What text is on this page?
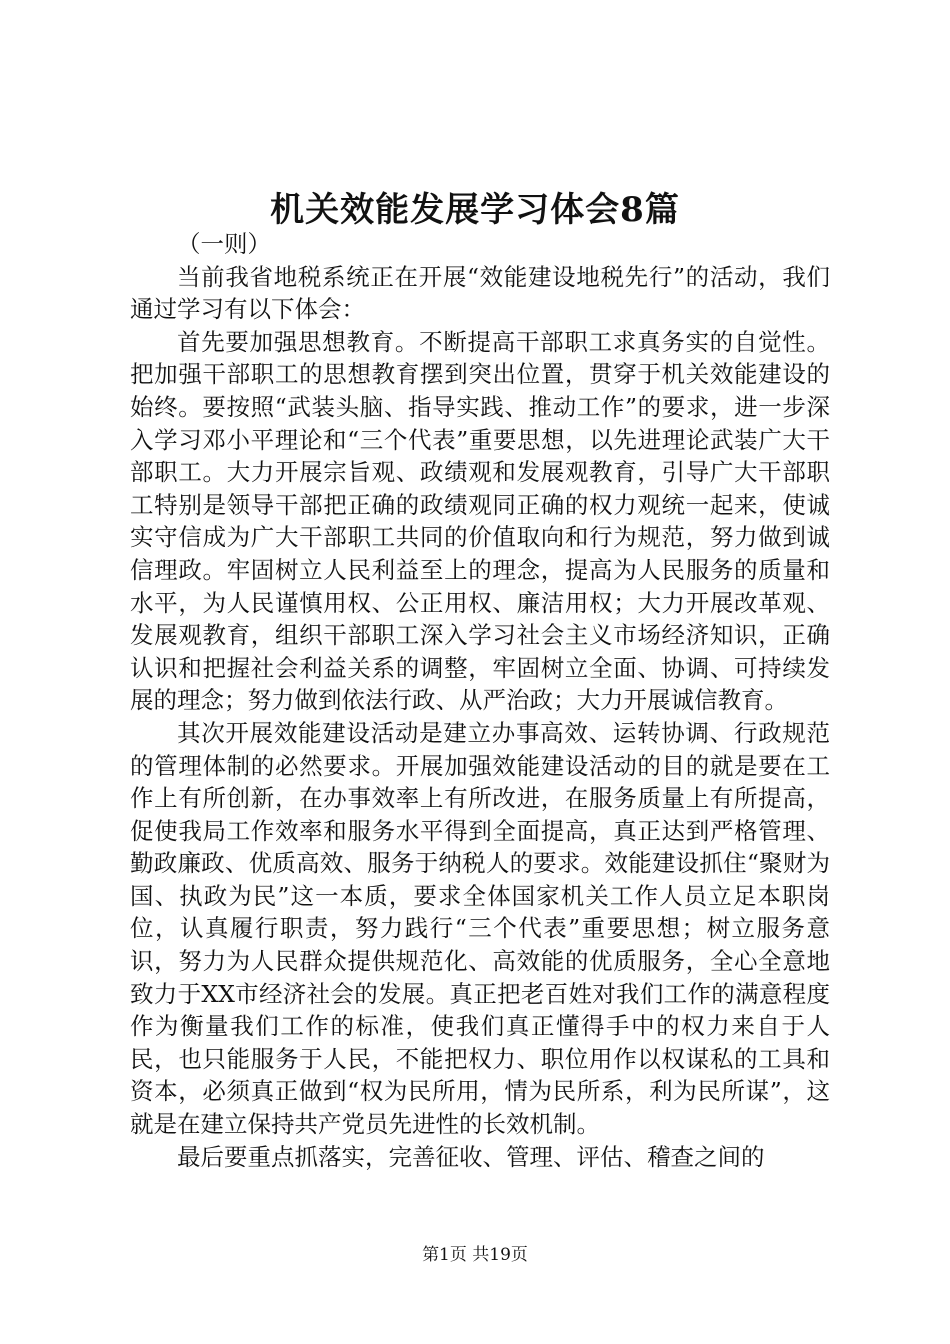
机关效能发展学习体会8篇

（一则）

当前我省地税系统正在开展“效能建设地税先行”的活动，我们通过学习有以下体会：

首先要加强思想教育。不断提高干部职工求真务实的自觉性。把加强干部职工的思想教育摆到突出位置，贯穿于机关效能建设的始终。要按照“武装头脑、指导实践、推动工作”的要求，进一步深入学习邓小平理论和“三个代表”重要思想，以先进理论武装广大干部职工。大力开展宗旨观、政绩观和发展观教育，引导广大干部职工特别是领导干部把正确的政绩观同正确的权力观统一起来，使诚实守信成为广大干部职工共同的价值取向和行为规范，努力做到诚信理政。牢固树立人民利益至上的理念，提高为人民服务的质量和水平，为人民谨慎用权、公正用权、廉洁用权；大力开展改革观、发展观教育，组织干部职工深入学习社会主义市场经济知识，正确认识和把握社会利益关系的调整，牢固树立全面、协调、可持续发展的理念；努力做到依法行政、从严治政；大力开展诚信教育。

其次开展效能建设活动是建立办事高效、运转协调、行政规范的管理体制的必然要求。开展加强效能建设活动的目的就是要在工作上有所创新，在办事效率上有所改进，在服务质量上有所提高，促使我局工作效率和服务水平得到全面提高，真正达到严格管理、勤政廉政、优质高效、服务于纳税人的要求。效能建设抓住“聚财为国、执政为民”这一本质，要求全体国家机关工作人员立足本职岗位，认真履行职责，努力践行“三个代表”重要思想；树立服务意识，努力为人民群众提供规范化、高效能的优质服务，全心全意地致力于XX市经济社会的发展。真正把老百姓对我们工作的满意程度作为衡量我们工作的标准，使我们真正懂得手中的权力来自于人民，也只能服务于人民，不能把权力、职位用作以权谋私的工具和资本，必须真正做到“权为民所用，情为民所系，利为民所谋”，这就是在建立保持共产党员先进性的长效机制。

最后要重点抓落实，完善征收、管理、评估、稽查之间的

第1页 共19页
